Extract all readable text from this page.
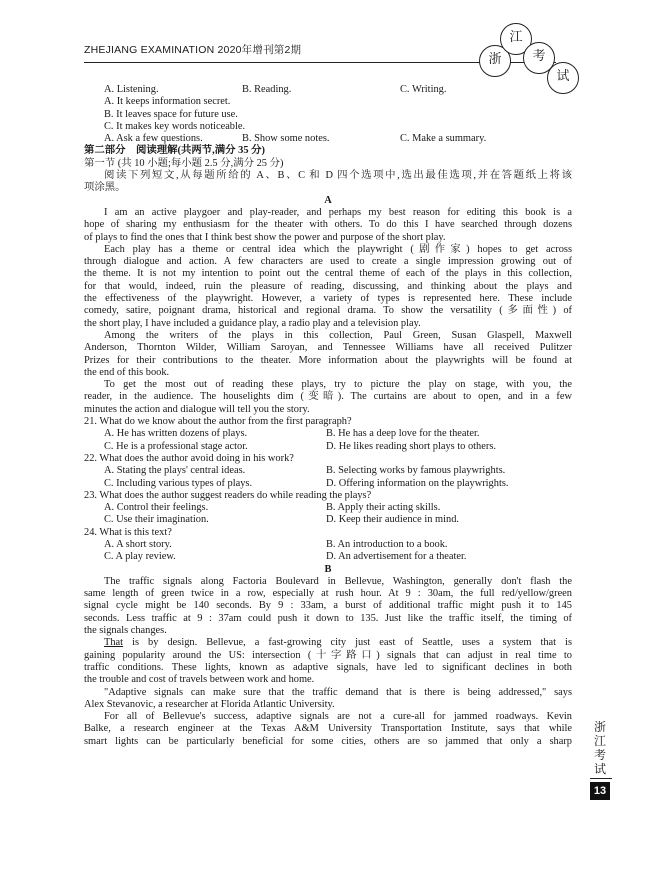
ZHEJIANG EXAMINATION 2020年增刊第2期
浙
江
考
试
A. Listening.	B. Reading.	C. Writing.
A. It keeps information secret.
B. It leaves space for future use.
C. It makes key words noticeable.
A. Ask a few questions.	B. Show some notes.	C. Make a summary.
第二部分　阅读理解(共两节,满分 35 分)
第一节 (共 10 小题;每小题 2.5 分,满分 25 分)
阅读下列短文,从每题所给的 A、B、C 和 D 四个选项中,选出最佳选项,并在答题纸上将该
项涂黑。
A
I am an active playgoer and play-reader, and perhaps my best reason for editing this book is a
hope of sharing my enthusiasm for the theater with others. To do this I have searched through dozens
of plays to find the ones that I think best show the power and purpose of the short play.
Each play has a theme or central idea which the playwright (剧作家) hopes to get across
through dialogue and action. A few characters are used to create a single impression growing out of
the theme. It is not my intention to point out the central theme of each of the plays in this collection,
for that would, indeed, ruin the pleasure of reading, discussing, and thinking about the plays and
the effectiveness of the playwright. However, a variety of types is represented here. These include
comedy, satire, poignant drama, historical and regional drama. To show the versatility (多面性) of
the short play, I have included a guidance play, a radio play and a television play.
Among the writers of the plays in this collection, Paul Green, Susan Glaspell, Maxwell
Anderson, Thornton Wilder, William Saroyan, and Tennessee Williams have all received Pulitzer
Prizes for their contributions to the theater. More information about the playwrights will be found at
the end of this book.
To get the most out of reading these plays, try to picture the play on stage, with you, the
reader, in the audience. The houselights dim (变暗). The curtains are about to open, and in a few
minutes the action and dialogue will tell you the story.
21. What do we know about the author from the first paragraph?
A. He has written dozens of plays.	B. He has a deep love for the theater.
C. He is a professional stage actor.	D. He likes reading short plays to others.
22. What does the author avoid doing in his work?
A. Stating the plays' central ideas.	B. Selecting works by famous playwrights.
C. Including various types of plays.	D. Offering information on the playwrights.
23. What does the author suggest readers do while reading the plays?
A. Control their feelings.	B. Apply their acting skills.
C. Use their imagination.	D. Keep their audience in mind.
24. What is this text?
A. A short story.	B. An introduction to a book.
C. A play review.	D. An advertisement for a theater.
B
The traffic signals along Factoria Boulevard in Bellevue, Washington, generally don't flash the
same length of green twice in a row, especially at rush hour. At 9 : 30am, the full red/yellow/green
signal cycle might be 140 seconds. By 9 : 33am, a burst of additional traffic might push it to 145
seconds. Less traffic at 9 : 37am could push it down to 135. Just like the traffic itself, the timing of
the signals changes.
That is by design. Bellevue, a fast-growing city just east of Seattle, uses a system that is
gaining popularity around the US: intersection (十字路口) signals that can adjust in real time to
traffic conditions. These lights, known as adaptive signals, have led to significant declines in both
the trouble and cost of travels between work and home.
"Adaptive signals can make sure that the traffic demand that is there is being addressed," says
Alex Stevanovic, a researcher at Florida Atlantic University.
For all of Bellevue's success, adaptive signals are not a cure-all for jammed roadways. Kevin
Balke, a research engineer at the Texas A&M University Transportation Institute, says that while
smart lights can be particularly beneficial for some cities, others are so jammed that only a sharp
浙
江
考
试
13
